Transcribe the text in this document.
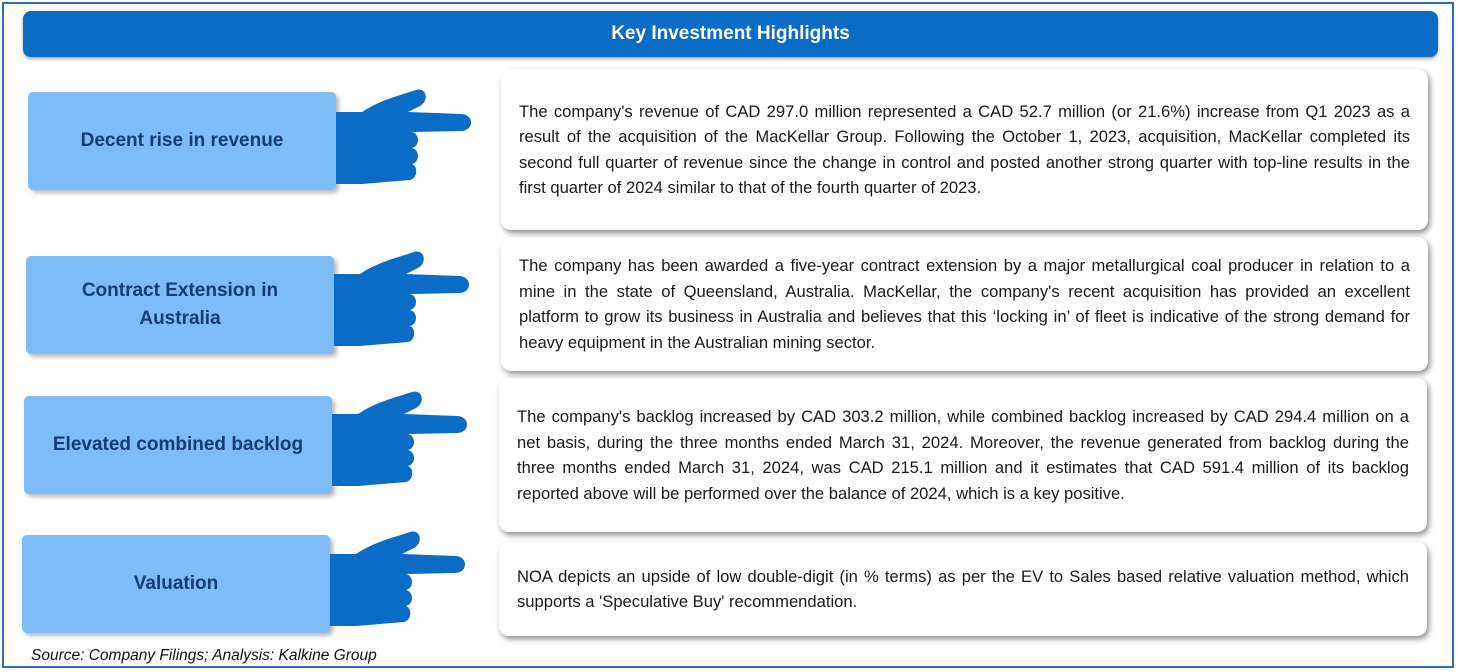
Key Investment Highlights
Decent rise in revenue
The company's revenue of CAD 297.0 million represented a CAD 52.7 million (or 21.6%) increase from Q1 2023 as a result of the acquisition of the MacKellar Group. Following the October 1, 2023, acquisition, MacKellar completed its second full quarter of revenue since the change in control and posted another strong quarter with top-line results in the first quarter of 2024 similar to that of the fourth quarter of 2023.
Contract Extension in Australia
The company has been awarded a five-year contract extension by a major metallurgical coal producer in relation to a mine in the state of Queensland, Australia. MacKellar, the company's recent acquisition has provided an excellent platform to grow its business in Australia and believes that this ‘locking in’ of fleet is indicative of the strong demand for heavy equipment in the Australian mining sector.
Elevated combined backlog
The company's backlog increased by CAD 303.2 million, while combined backlog increased by CAD 294.4 million on a net basis, during the three months ended March 31, 2024. Moreover, the revenue generated from backlog during the three months ended March 31, 2024, was CAD 215.1 million and it estimates that CAD 591.4 million of its backlog reported above will be performed over the balance of 2024, which is a key positive.
Valuation	NOA depicts an upside of low double-digit (in % terms) as per the EV to Sales based relative valuation method, which supports a 'Speculative Buy' recommendation.
Source: Company Filings; Analysis: Kalkine Group
